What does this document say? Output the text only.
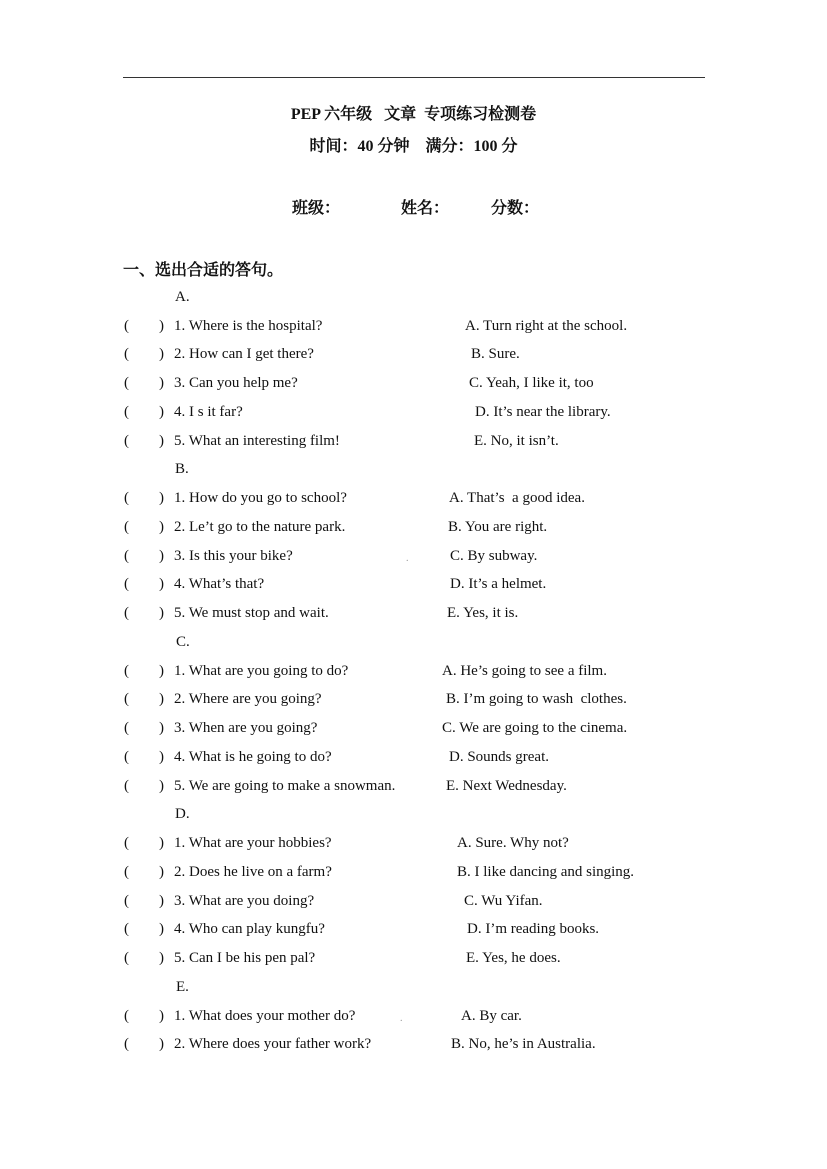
PEP 六年级   文章  专项练习检测卷
时间：40 分钟    满分：100 分
班级：	姓名：	分数：
一、选出合适的答句。
A.
(        ) 1. Where is the hospital?	A. Turn right at the school.
(        ) 2. How can I get there?	B. Sure.
(        ) 3. Can you help me?	C. Yeah, I like it, too
(        ) 4. I s it far?	D. It’s near the library.
(        ) 5. What an interesting film!	E. No, it isn’t.
B.
(        ) 1. How do you go to school?	A. That’s  a good idea.
(        ) 2. Le’t go to the nature park.	B. You are right.
(        ) 3. Is this your bike?	.	C. By subway.
(        ) 4. What’s that?	D. It’s a helmet.
(        ) 5. We must stop and wait.	E. Yes, it is.
C.
(        ) 1. What are you going to do?	A. He’s going to see a film.
(        ) 2. Where are you going?	B. I’m going to wash  clothes.
(        ) 3. When are you going?	C. We are going to the cinema.
(        ) 4. What is he going to do?	D. Sounds great.
(        ) 5. We are going to make a snowman.	E. Next Wednesday.
D.
(        ) 1. What are your hobbies?	A. Sure. Why not?
(        ) 2. Does he live on a farm?	B. I like dancing and singing.
(        ) 3. What are you doing?	C. Wu Yifan.
(        ) 4. Who can play kungfu?	D. I’m reading books.
(        ) 5. Can I be his pen pal?	E. Yes, he does.
E.
(        ) 1. What does your mother do?	.	A. By car.
(        ) 2. Where does your father work?	B. No, he’s in Australia.
